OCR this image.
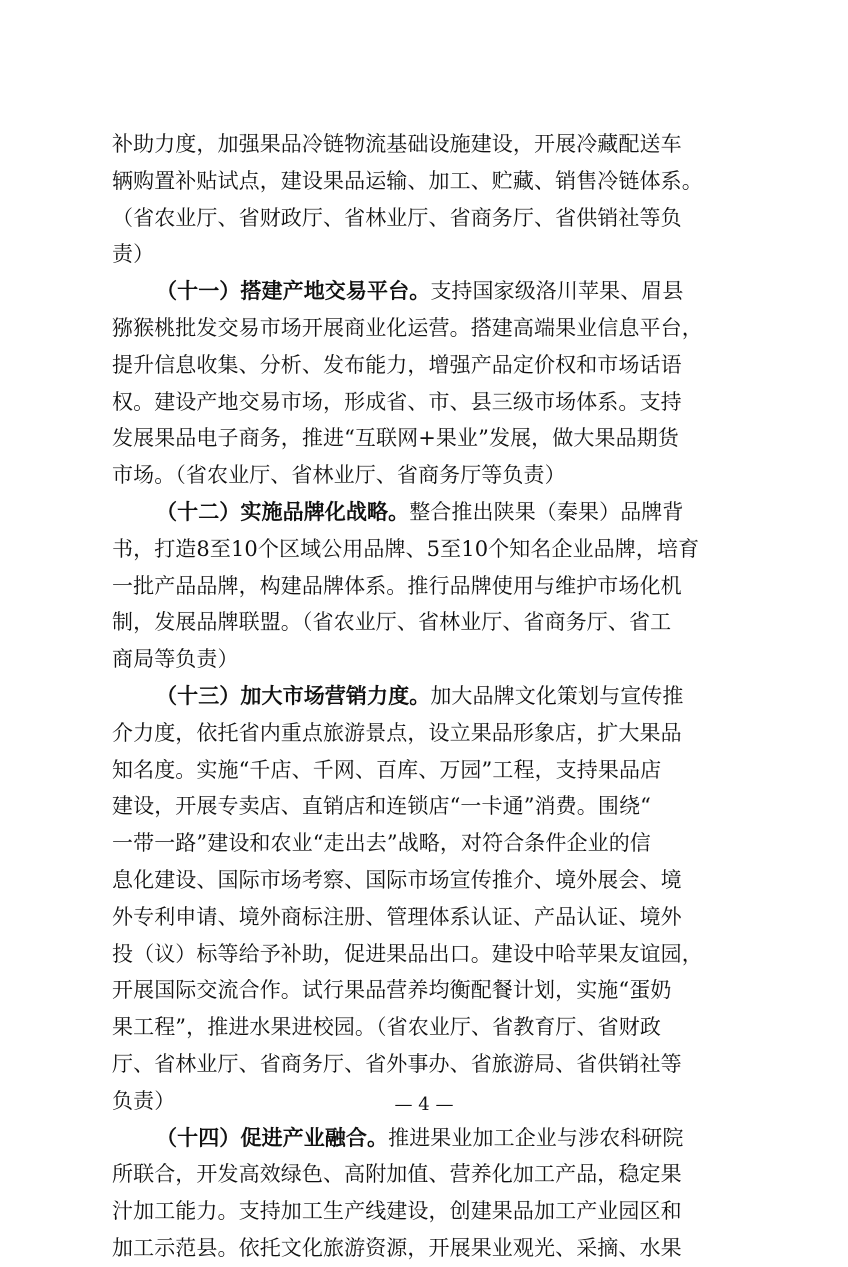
补助力度，加强果品冷链物流基础设施建设，开展冷藏配送车
辆购置补贴试点，建设果品运输、加工、贮藏、销售冷链体系。
（省农业厅、省财政厅、省林业厅、省商务厅、省供销社等负
责）
（十一）搭建产地交易平台。支持国家级洛川苹果、眉县
猕猴桃批发交易市场开展商业化运营。搭建高端果业信息平台，
提升信息收集、分析、发布能力，增强产品定价权和市场话语
权。建设产地交易市场，形成省、市、县三级市场体系。支持
发展果品电子商务，推进“互联网+果业”发展，做大果品期货
市场。（省农业厅、省林业厅、省商务厅等负责）
（十二）实施品牌化战略。整合推出陕果（秦果）品牌背
书，打造8至10个区域公用品牌、5至10个知名企业品牌，培育
一批产品品牌，构建品牌体系。推行品牌使用与维护市场化机
制，发展品牌联盟。（省农业厅、省林业厅、省商务厅、省工
商局等负责）
（十三）加大市场营销力度。加大品牌文化策划与宣传推
介力度，依托省内重点旅游景点，设立果品形象店，扩大果品
知名度。实施“千店、千网、百库、万园”工程，支持果品店
建设，开展专卖店、直销店和连锁店“一卡通”消费。围绕“
一带一路”建设和农业“走出去”战略，对符合条件企业的信
息化建设、国际市场考察、国际市场宣传推介、境外展会、境
外专利申请、境外商标注册、管理体系认证、产品认证、境外
投（议）标等给予补助，促进果品出口。建设中哈苹果友谊园，
开展国际交流合作。试行果品营养均衡配餐计划，实施“蛋奶
果工程”，推进水果进校园。（省农业厅、省教育厅、省财政
厅、省林业厅、省商务厅、省外事办、省旅游局、省供销社等
负责）
（十四）促进产业融合。推进果业加工企业与涉农科研院
所联合，开发高效绿色、高附加值、营养化加工产品，稳定果
汁加工能力。支持加工生产线建设，创建果品加工产业园区和
加工示范县。依托文化旅游资源，开展果业观光、采摘、水果
— 4 —
